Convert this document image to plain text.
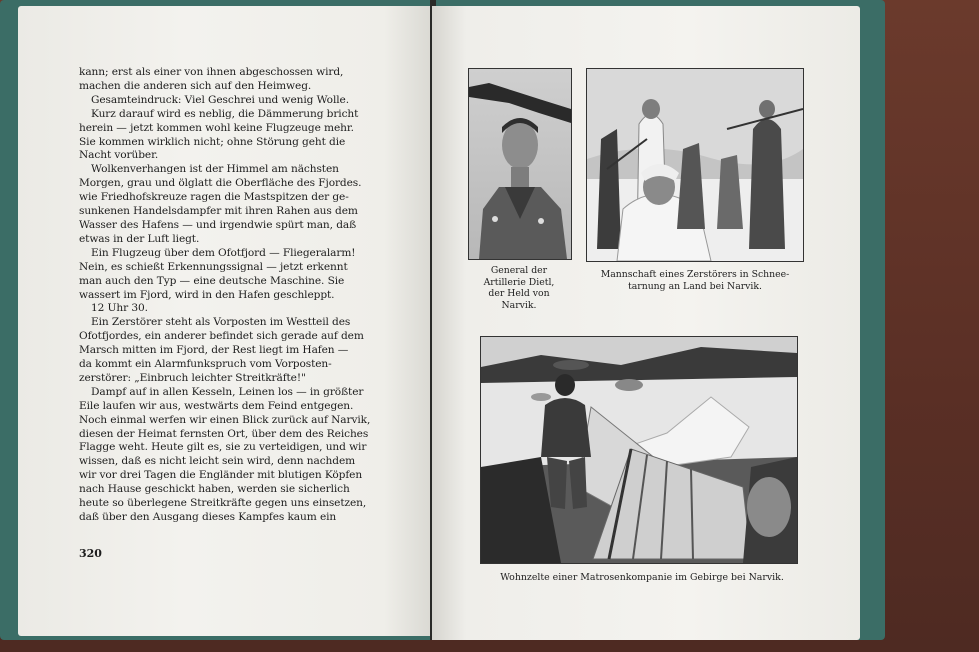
kann; erst als einer von ihnen abgeschossen wird,
machen die anderen sich auf den Heimweg.
Gesamteindruck: Viel Geschrei und wenig Wolle.
Kurz darauf wird es neblig, die Dämmerung bricht
herein — jetzt kommen wohl keine Flugzeuge mehr.
Sie kommen wirklich nicht; ohne Störung geht die
Nacht vorüber.
Wolkenverhangen ist der Himmel am nächsten
Morgen, grau und ölglatt die Oberfläche des Fjordes.
wie Friedhofskreuze ragen die Mastspitzen der ge-
sunkenen Handelsdampfer mit ihren Rahen aus dem
Wasser des Hafens — und irgendwie spürt man, daß
etwas in der Luft liegt.
Ein Flugzeug über dem Ofotfjord — Fliegeralarm!
Nein, es schießt Erkennungssignal — jetzt erkennt
man auch den Typ — eine deutsche Maschine. Sie
wassert im Fjord, wird in den Hafen geschleppt.
12 Uhr 30.
Ein Zerstörer steht als Vorposten im Westteil des
Ofotfjordes, ein anderer befindet sich gerade auf dem
Marsch mitten im Fjord, der Rest liegt im Hafen —
da kommt ein Alarmfunkspruch vom Vorposten-
zerstörer: „Einbruch leichter Streitkräfte!"
Dampf auf in allen Kesseln, Leinen los — in größter
Eile laufen wir aus, westwärts dem Feind entgegen.
Noch einmal werfen wir einen Blick zurück auf Narvik,
diesen der Heimat fernsten Ort, über dem des Reiches
Flagge weht. Heute gilt es, sie zu verteidigen, und wir
wissen, daß es nicht leicht sein wird, denn nachdem
wir vor drei Tagen die Engländer mit blutigen Köpfen
nach Hause geschickt haben, werden sie sicherlich
heute so überlegene Streitkräfte gegen uns einsetzen,
daß über den Ausgang dieses Kampfes kaum ein
320
General der
Artillerie Dietl,
der Held von
Narvik.
Mannschaft eines Zerstörers in Schnee-
tarnung an Land bei Narvik.
Wohnzelte einer Matrosenkompanie im Gebirge bei Narvik.
